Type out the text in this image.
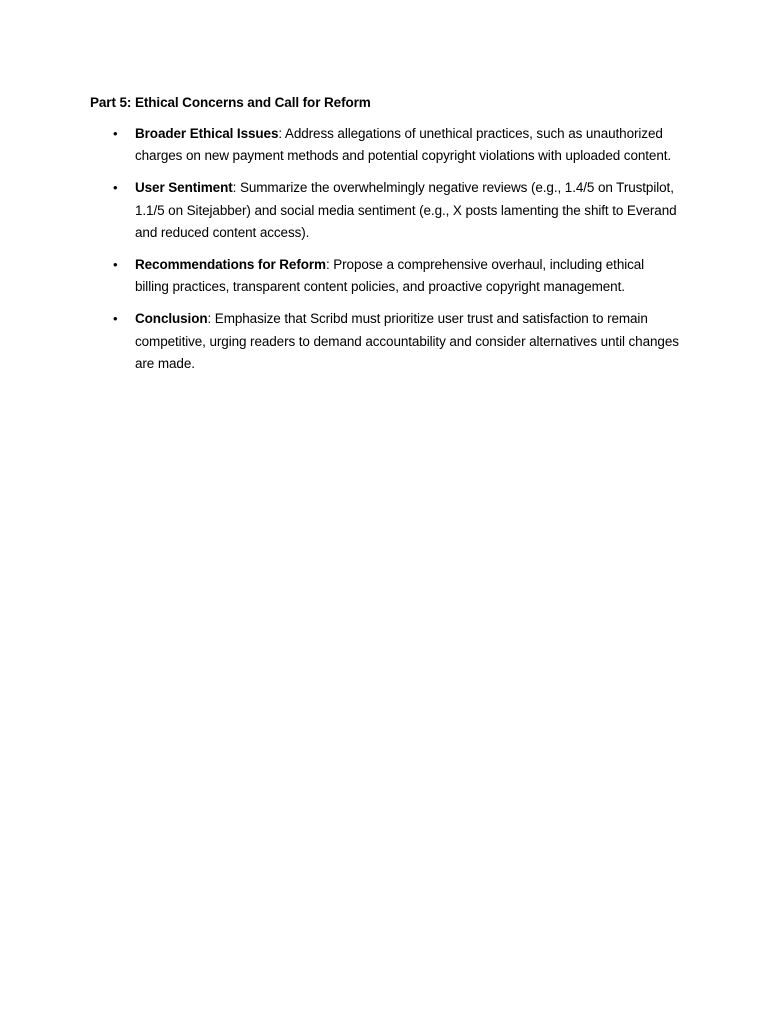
Part 5: Ethical Concerns and Call for Reform
• Broader Ethical Issues: Address allegations of unethical practices, such as unauthorized charges on new payment methods and potential copyright violations with uploaded content.
• User Sentiment: Summarize the overwhelmingly negative reviews (e.g., 1.4/5 on Trustpilot, 1.1/5 on Sitejabber) and social media sentiment (e.g., X posts lamenting the shift to Everand and reduced content access).
• Recommendations for Reform: Propose a comprehensive overhaul, including ethical billing practices, transparent content policies, and proactive copyright management.
• Conclusion: Emphasize that Scribd must prioritize user trust and satisfaction to remain competitive, urging readers to demand accountability and consider alternatives until changes are made.
